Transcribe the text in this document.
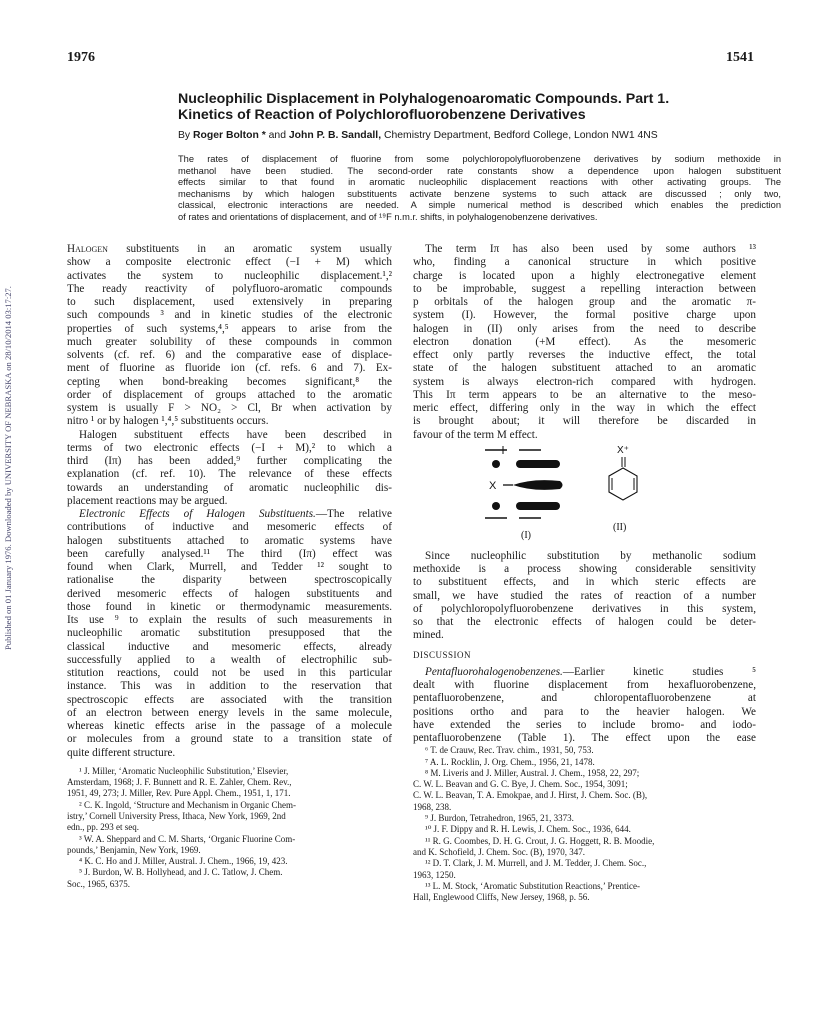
1976	1541
Published on 01 January 1976. Downloaded by UNIVERSITY OF NEBRASKA on 28/10/2014 03:17:27.
Nucleophilic Displacement in Polyhalogenoaromatic Compounds. Part 1.
Kinetics of Reaction of Polychlorofluorobenzene Derivatives
By Roger Bolton * and John P. B. Sandall, Chemistry Department, Bedford College, London NW1 4NS
The rates of displacement of fluorine from some polychloropolyfluorobenzene derivatives by sodium methoxide in
methanol have been studied. The second-order rate constants show a dependence upon halogen substituent
effects similar to that found in aromatic nucleophilic displacement reactions with other activating groups. The
mechanisms by which halogen substituents activate benzene systems to such attack are discussed ; only two,
classical, electronic interactions are needed. A simple numerical method is described which enables the prediction
of rates and orientations of displacement, and of ¹⁹F n.m.r. shifts, in polyhalogenobenzene derivatives.
Halogen substituents in an aromatic system usually
show a composite electronic effect (−I + M) which
activates the system to nucleophilic displacement.¹,²
The ready reactivity of polyfluoro-aromatic compounds
to such displacement, used extensively in preparing
such compounds ³ and in kinetic studies of the electronic
properties of such systems,⁴,⁵ appears to arise from the
much greater solubility of these compounds in common
solvents (cf. ref. 6) and the comparative ease of displace-
ment of fluorine as fluoride ion (cf. refs. 6 and 7). Ex-
cepting when bond-breaking becomes significant,⁸ the
order of displacement of groups attached to the aromatic
system is usually F > NO₂ > Cl, Br when activation by
nitro ¹ or by halogen ¹,⁴,⁵ substituents occurs.
Halogen substituent effects have been described in
terms of two electronic effects (−I + M),² to which a
third (Iπ) has been added,⁹ further complicating the
explanation (cf. ref. 10). The relevance of these effects
towards an understanding of aromatic nucleophilic dis-
placement reactions may be argued.
Electronic Effects of Halogen Substituents.—The relative
contributions of inductive and mesomeric effects of
halogen substituents attached to aromatic systems have
been carefully analysed.¹¹ The third (Iπ) effect was
found when Clark, Murrell, and Tedder ¹² sought to
rationalise the disparity between spectroscopically
derived mesomeric effects of halogen substituents and
those found in kinetic or thermodynamic measurements.
Its use ⁹ to explain the results of such measurements in
nucleophilic aromatic substitution presupposed that the
classical inductive and mesomeric effects, already
successfully applied to a wealth of electrophilic sub-
stitution reactions, could not be used in this particular
instance. This was in addition to the reservation that
spectroscopic effects are associated with the transition
of an electron between energy levels in the same molecule,
whereas kinetic effects arise in the passage of a molecule
or molecules from a ground state to a transition state of
quite different structure.
¹ J. Miller, ‘Aromatic Nucleophilic Substitution,’ Elsevier,
Amsterdam, 1968; J. F. Bunnett and R. E. Zahler, Chem. Rev.,
1951, 49, 273; J. Miller, Rev. Pure Appl. Chem., 1951, 1, 171.
² C. K. Ingold, ‘Structure and Mechanism in Organic Chem-
istry,’ Cornell University Press, Ithaca, New York, 1969, 2nd
edn., pp. 293 et seq.
³ W. A. Sheppard and C. M. Sharts, ‘Organic Fluorine Com-
pounds,’ Benjamin, New York, 1969.
⁴ K. C. Ho and J. Miller, Austral. J. Chem., 1966, 19, 423.
⁵ J. Burdon, W. B. Hollyhead, and J. C. Tatlow, J. Chem.
Soc., 1965, 6375.
The term Iπ has also been used by some authors ¹³
who, finding a canonical structure in which positive
charge is located upon a highly electronegative element
to be improbable, suggest a repelling interaction between
p orbitals of the halogen group and the aromatic π-
system (I). However, the formal positive charge upon
halogen in (II) only arises from the need to describe
electron donation (+M effect). As the mesomeric
effect only partly reverses the inductive effect, the total
state of the halogen substituent attached to an aromatic
system is always electron-rich compared with hydrogen.
This Iπ term appears to be an alternative to the meso-
meric effect, differing only in the way in which the effect
is brought about; it will therefore be discarded in
favour of the term M effect.
X
(I)
X⁺
(II)
Since nucleophilic substitution by methanolic sodium
methoxide is a process showing considerable sensitivity
to substituent effects, and in which steric effects are
small, we have studied the rates of reaction of a number
of polychloropolyfluorobenzene derivatives in this system,
so that the electronic effects of halogen could be deter-
mined.
DISCUSSION
Pentafluorohalogenobenzenes.—Earlier kinetic studies ⁵
dealt with fluorine displacement from hexafluorobenzene,
pentafluorobenzene, and chloropentafluorobenzene at
positions ortho and para to the heavier halogen. We
have extended the series to include bromo- and iodo-
pentafluorobenzene (Table 1). The effect upon the ease
⁶ T. de Crauw, Rec. Trav. chim., 1931, 50, 753.
⁷ A. L. Rocklin, J. Org. Chem., 1956, 21, 1478.
⁸ M. Liveris and J. Miller, Austral. J. Chem., 1958, 22, 297;
C. W. L. Beavan and G. C. Bye, J. Chem. Soc., 1954, 3091;
C. W. L. Beavan, T. A. Emokpae, and J. Hirst, J. Chem. Soc. (B),
1968, 238.
⁹ J. Burdon, Tetrahedron, 1965, 21, 3373.
¹⁰ J. F. Dippy and R. H. Lewis, J. Chem. Soc., 1936, 644.
¹¹ R. G. Coombes, D. H. G. Crout, J. G. Hoggett, R. B. Moodie,
and K. Schofield, J. Chem. Soc. (B), 1970, 347.
¹² D. T. Clark, J. M. Murrell, and J. M. Tedder, J. Chem. Soc.,
1963, 1250.
¹³ L. M. Stock, ‘Aromatic Substitution Reactions,’ Prentice-
Hall, Englewood Cliffs, New Jersey, 1968, p. 56.
